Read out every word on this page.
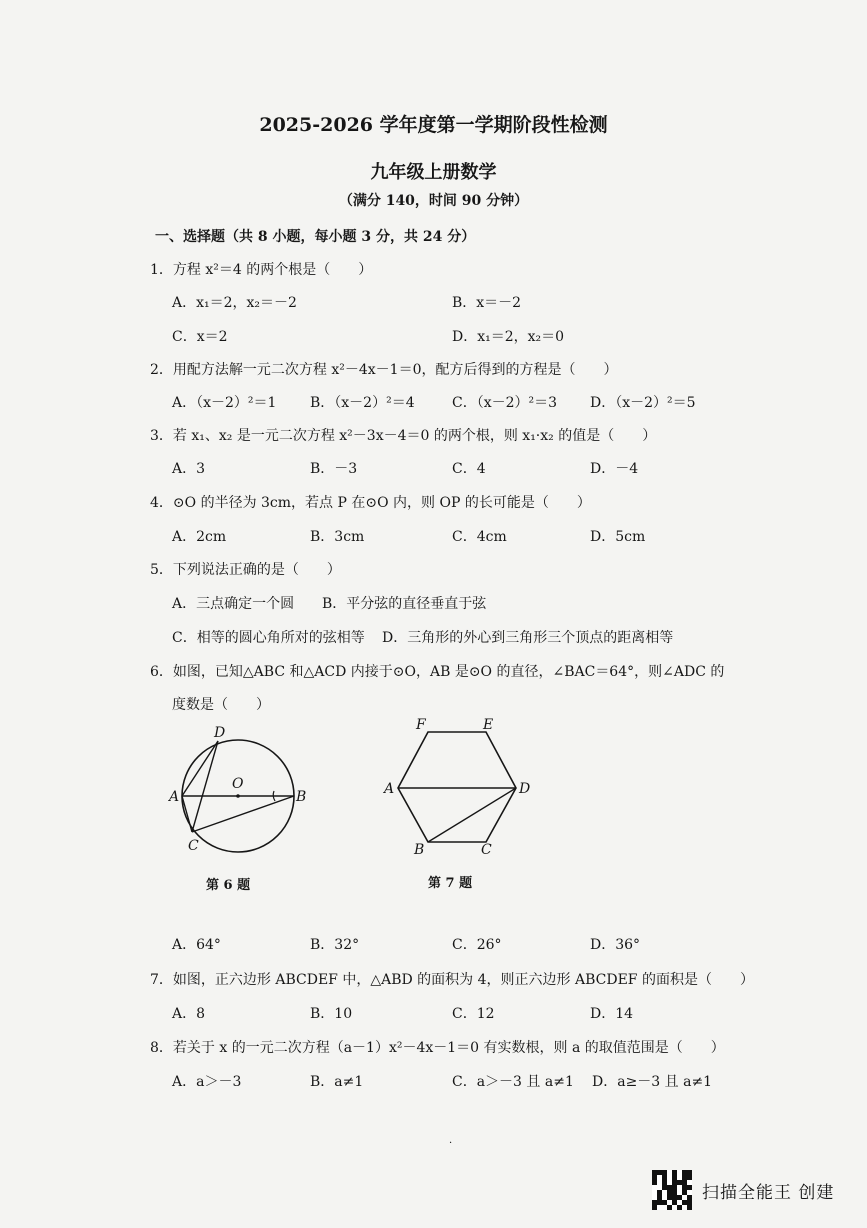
2025-2026 学年度第一学期阶段性检测
九年级上册数学
（满分 140，时间 90 分钟）
一、选择题（共 8 小题，每小题 3 分，共 24 分）
1．方程 x²＝4 的两个根是（　　）
A．x₁＝2，x₂＝－2	B．x＝－2
C．x＝2	D．x₁＝2，x₂＝0
2．用配方法解一元二次方程 x²－4x－1＝0，配方后得到的方程是（　　）
A．（x－2）²＝1 B．（x－2）²＝4	C．（x－2）²＝3 D．（x－2）²＝5
3．若 x₁、x₂ 是一元二次方程 x²－3x－4＝0 的两个根，则 x₁·x₂ 的值是（　　）
A．3	B．－3	C．4	D．－4
4．⊙O 的半径为 3cm，若点 P 在⊙O 内，则 OP 的长可能是（　　）
A．2cm	B．3cm	C．4cm	D．5cm
5．下列说法正确的是（　　）
A．三点确定一个圆 B．平分弦的直径垂直于弦
C．相等的圆心角所对的弦相等 D．三角形的外心到三角形三个顶点的距离相等
6．如图，已知△ABC 和△ACD 内接于⊙O，AB 是⊙O 的直径，∠BAC＝64°，则∠ADC 的
度数是（　　）
D
O
A	B
C
第 6 题
F	E
A	D
B	C
第 7 题
A．64°	B．32°	C．26°	D．36°
7．如图，正六边形 ABCDEF 中，△ABD 的面积为 4，则正六边形 ABCDEF 的面积是（　　）
A．8	B．10	C．12	D．14
8．若关于 x 的一元二次方程（a－1）x²－4x－1＝0 有实数根，则 a 的取值范围是（　　）
A．a＞－3	B．a≠1	C．a＞－3 且 a≠1 D．a≥－3 且 a≠1
·
扫描全能王 创建
